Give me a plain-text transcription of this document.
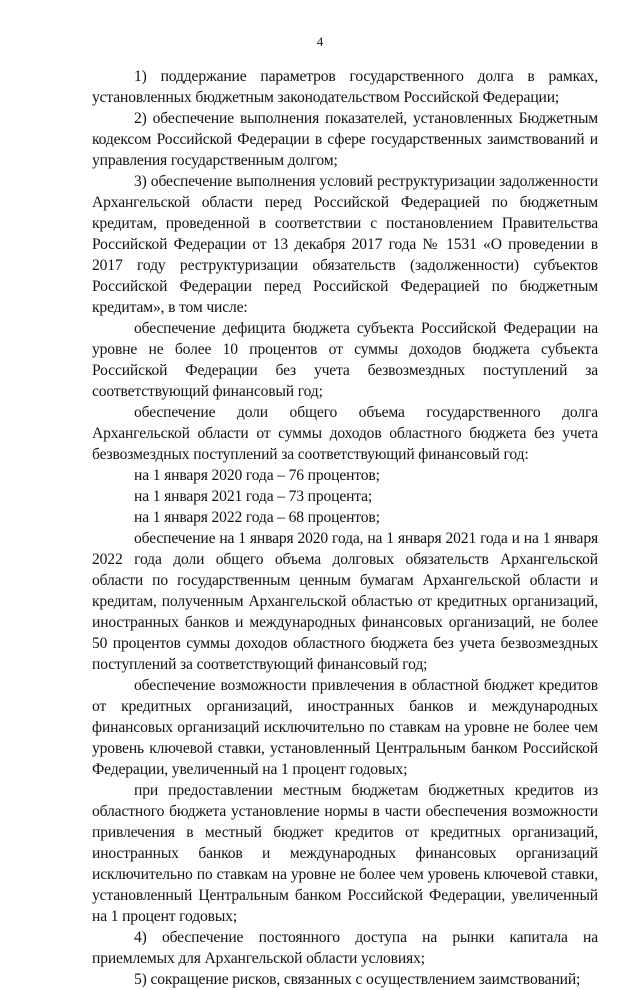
4

1) поддержание параметров государственного долга в рамках, установленных бюджетным законодательством Российской Федерации;

2) обеспечение выполнения показателей, установленных Бюджетным кодексом Российской Федерации в сфере государственных заимствований и управления государственным долгом;

3) обеспечение выполнения условий реструктуризации задолженности Архангельской области перед Российской Федерацией по бюджетным кредитам, проведенной в соответствии с постановлением Правительства Российской Федерации от 13 декабря 2017 года № 1531 «О проведении в 2017 году реструктуризации обязательств (задолженности) субъектов Российской Федерации перед Российской Федерацией по бюджетным кредитам», в том числе:

обеспечение дефицита бюджета субъекта Российской Федерации на уровне не более 10 процентов от суммы доходов бюджета субъекта Российской Федерации без учета безвозмездных поступлений за соответствующий финансовый год;

обеспечение доли общего объема государственного долга Архангельской области от суммы доходов областного бюджета без учета безвозмездных поступлений за соответствующий финансовый год:

на 1 января 2020 года – 76 процентов;

на 1 января 2021 года – 73 процента;

на 1 января 2022 года – 68 процентов;

обеспечение на 1 января 2020 года, на 1 января 2021 года и на 1 января 2022 года доли общего объема долговых обязательств Архангельской области по государственным ценным бумагам Архангельской области и кредитам, полученным Архангельской областью от кредитных организаций, иностранных банков и международных финансовых организаций, не более 50 процентов суммы доходов областного бюджета без учета безвозмездных поступлений за соответствующий финансовый год;

обеспечение возможности привлечения в областной бюджет кредитов от кредитных организаций, иностранных банков и международных финансовых организаций исключительно по ставкам на уровне не более чем уровень ключевой ставки, установленный Центральным банком Российской Федерации, увеличенный на 1 процент годовых;

при предоставлении местным бюджетам бюджетных кредитов из областного бюджета установление нормы в части обеспечения возможности привлечения в местный бюджет кредитов от кредитных организаций, иностранных банков и международных финансовых организаций исключительно по ставкам на уровне не более чем уровень ключевой ставки, установленный Центральным банком Российской Федерации, увеличенный на 1 процент годовых;

4) обеспечение постоянного доступа на рынки капитала на приемлемых для Архангельской области условиях;

5) сокращение рисков, связанных с осуществлением заимствований;
